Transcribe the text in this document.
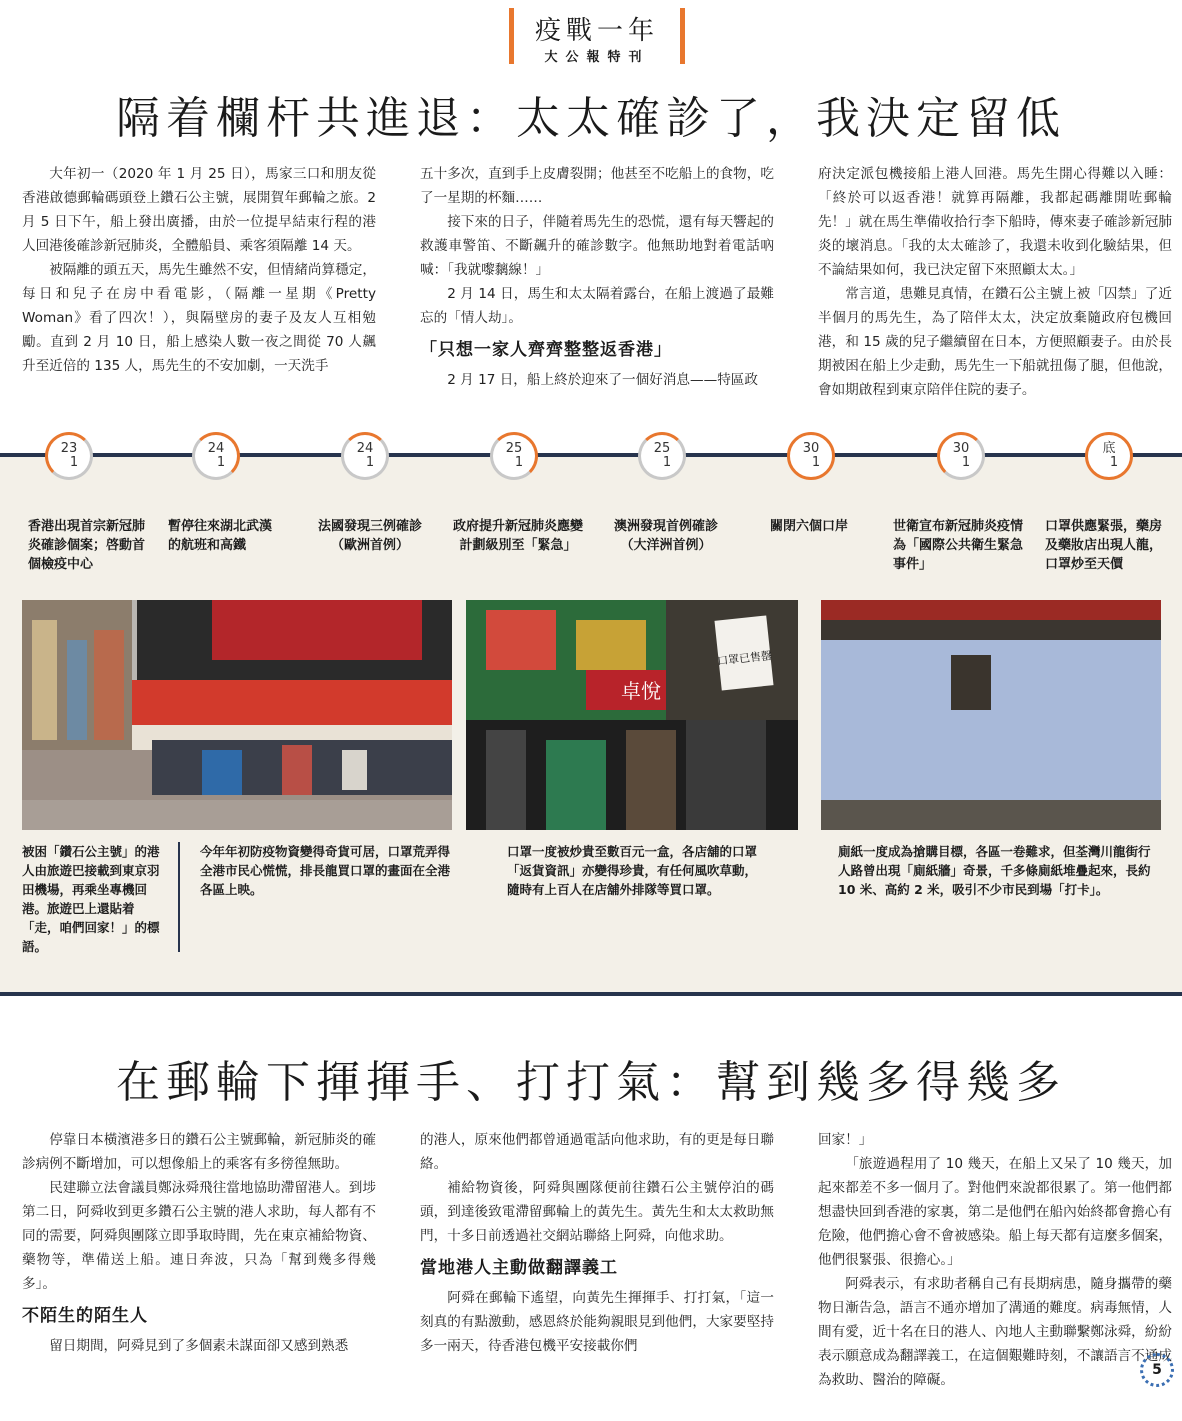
疫戰一年
大公報特刊
隔着欄杆共進退：太太確診了，我決定留低

大年初一（2020 年 1 月 25 日），馬家三口和朋友從香港啟德郵輪碼頭登上鑽石公主號，展開賀年郵輪之旅。2 月 5 日下午，船上發出廣播，由於一位提早結束行程的港人回港後確診新冠肺炎，全體船員、乘客須隔離 14 天。

被隔離的頭五天，馬先生雖然不安，但情緒尚算穩定，每日和兒子在房中看電影，（隔離一星期《Pretty Woman》看了四次！），與隔壁房的妻子及友人互相勉勵。直到 2 月 10 日，船上感染人數一夜之間從 70 人飆升至近倍的 135 人，馬先生的不安加劇，一天洗手

五十多次，直到手上皮膚裂開；他甚至不吃船上的食物，吃了一星期的杯麵……

接下來的日子，伴隨着馬先生的恐慌，還有每天響起的救護車警笛、不斷飆升的確診數字。他無助地對着電話吶喊：「我就嚟黐線！」

2 月 14 日，馬生和太太隔着露台，在船上渡過了最難忘的「情人劫」。

「只想一家人齊齊整整返香港」

2 月 17 日，船上終於迎來了一個好消息——特區政

府決定派包機接船上港人回港。馬先生開心得難以入睡：「終於可以返香港！就算再隔離，我都起碼離開咗郵輪先！」就在馬生準備收拾行李下船時，傳來妻子確診新冠肺炎的壞消息。「我的太太確診了，我還未收到化驗結果，但不論結果如何，我已決定留下來照顧太太。」

常言道，患難見真情，在鑽石公主號上被「囚禁」了近半個月的馬先生，為了陪伴太太，決定放棄隨政府包機回港，和 15 歲的兒子繼續留在日本，方便照顧妻子。由於長期被困在船上少走動，馬先生一下船就扭傷了腿，但他說，會如期啟程到東京陪伴住院的妻子。

23
1
24
1
24
1
25
1
25
1
30
1
30
1
底
1
香港出現首宗新冠肺炎確診個案；啓動首個檢疫中心
暫停往來湖北武漢的航班和高鐵
法國發現三例確診（歐洲首例）
政府提升新冠肺炎應變計劃級別至「緊急」
澳洲發現首例確診（大洋洲首例）
關閉六個口岸	世衛宣布新冠肺炎疫情為「國際公共衛生緊急事件」
口罩供應緊張，藥房及藥妝店出現人龍，口罩炒至天價
卓悅
口罩已售罄
被困「鑽石公主號」的港人由旅遊巴接載到東京羽田機場，再乘坐專機回港。旅遊巴上還貼着「走，咱們回家！」的標語。
今年年初防疫物資變得奇貨可居，口罩荒弄得全港市民心慌慌，排長龍買口罩的畫面在全港各區上映。
口罩一度被炒貴至數百元一盒，各店舖的口罩「返貨資訊」亦變得珍貴，有任何風吹草動，隨時有上百人在店舖外排隊等買口罩。
廁紙一度成為搶購目標，各區一卷難求，但荃灣川龍街行人路曾出現「廁紙牆」奇景，千多條廁紙堆疊起來，長約 10 米、高約 2 米，吸引不少市民到場「打卡」。
在郵輪下揮揮手、打打氣：幫到幾多得幾多

停靠日本橫濱港多日的鑽石公主號郵輪，新冠肺炎的確診病例不斷增加，可以想像船上的乘客有多徬徨無助。

民建聯立法會議員鄭泳舜飛往當地協助滯留港人。到埗第二日，阿舜收到更多鑽石公主號的港人求助，每人都有不同的需要，阿舜與團隊立即爭取時間，先在東京補給物資、藥物等，準備送上船。連日奔波，只為「幫到幾多得幾多」。

不陌生的陌生人

留日期間，阿舜見到了多個素未謀面卻又感到熟悉

的港人，原來他們都曾通過電話向他求助，有的更是每日聯絡。

補給物資後，阿舜與團隊便前往鑽石公主號停泊的碼頭，到達後致電滯留郵輪上的黃先生。黃先生和太太救助無門，十多日前透過社交網站聯絡上阿舜，向他求助。

當地港人主動做翻譯義工

阿舜在郵輪下遙望，向黃先生揮揮手、打打氣，「這一刻真的有點激動，感恩終於能夠親眼見到他們，大家要堅持多一兩天，待香港包機平安接載你們

回家！」

「旅遊過程用了 10 幾天，在船上又呆了 10 幾天，加起來都差不多一個月了。對他們來說都很累了。第一他們都想盡快回到香港的家裏，第二是他們在船內始終都會擔心有危險，他們擔心會不會被感染。船上每天都有這麼多個案，他們很緊張、很擔心。」

阿舜表示，有求助者稱自己有長期病患，隨身攜帶的藥物日漸告急，語言不通亦增加了溝通的難度。病毒無情，人間有愛，近十名在日的港人、內地人主動聯繫鄭泳舜，紛紛表示願意成為翻譯義工，在這個艱難時刻，不讓語言不通成為救助、醫治的障礙。

5
